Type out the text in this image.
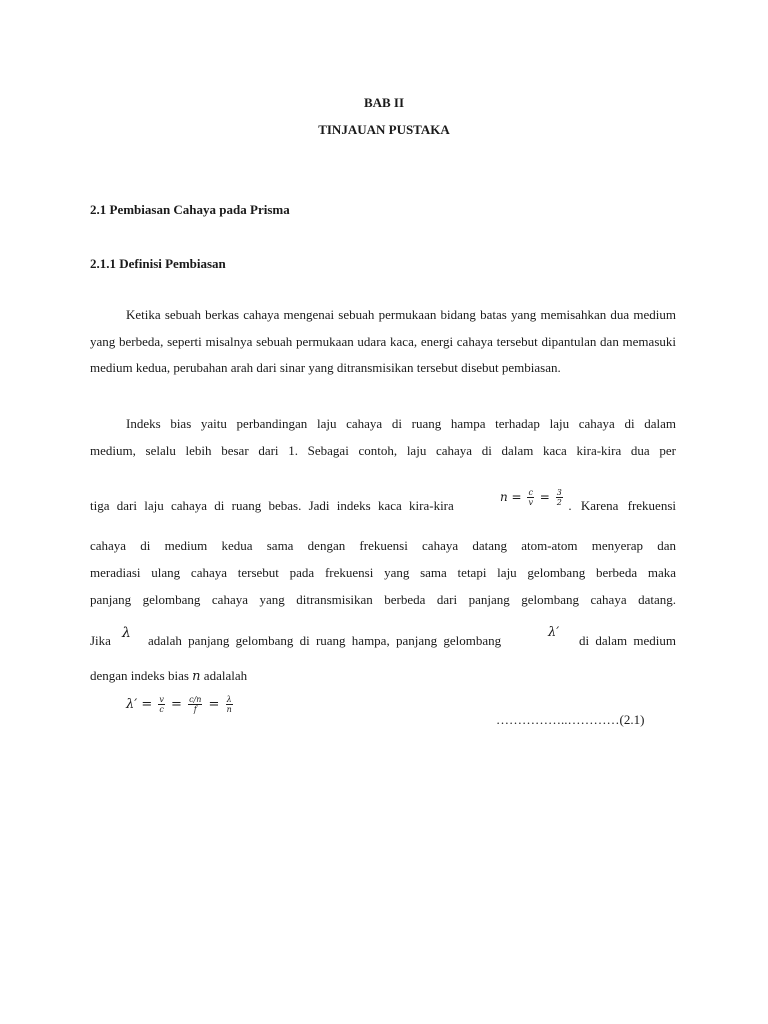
BAB II
TINJAUAN PUSTAKA
2.1 Pembiasan Cahaya pada Prisma
2.1.1 Definisi Pembiasan
Ketika sebuah berkas cahaya mengenai sebuah permukaan bidang batas yang memisahkan dua medium yang berbeda, seperti misalnya sebuah permukaan udara kaca, energi cahaya tersebut dipantulan dan memasuki medium kedua, perubahan arah dari sinar yang ditransmisikan tersebut disebut pembiasan.
Indeks bias yaitu perbandingan laju cahaya di ruang hampa terhadap laju cahaya di dalam
medium, selalu lebih besar dari 1. Sebagai contoh, laju cahaya di dalam kaca kira-kira dua per
tiga dari laju cahaya di ruang bebas. Jadi indeks kaca kira-kira
$n = \frac{c}{v} = \frac{3}{2}$ . Karena frekuensi
cahaya di medium kedua sama dengan frekuensi cahaya datang atom-atom menyerap dan
meradiasi ulang cahaya tersebut pada frekuensi yang sama tetapi laju gelombang berbeda maka
panjang gelombang cahaya yang ditransmisikan berbeda dari panjang gelombang cahaya datang.
Jika λ adalah panjang gelombang di ruang hampa, panjang gelombang
λ′
di dalam medium
dengan indeks bias n adalalah
$\lambda' = \frac{v}{c} = \frac{c/n}{f} = \frac{\lambda}{n}$
……………..…………(2.1)
